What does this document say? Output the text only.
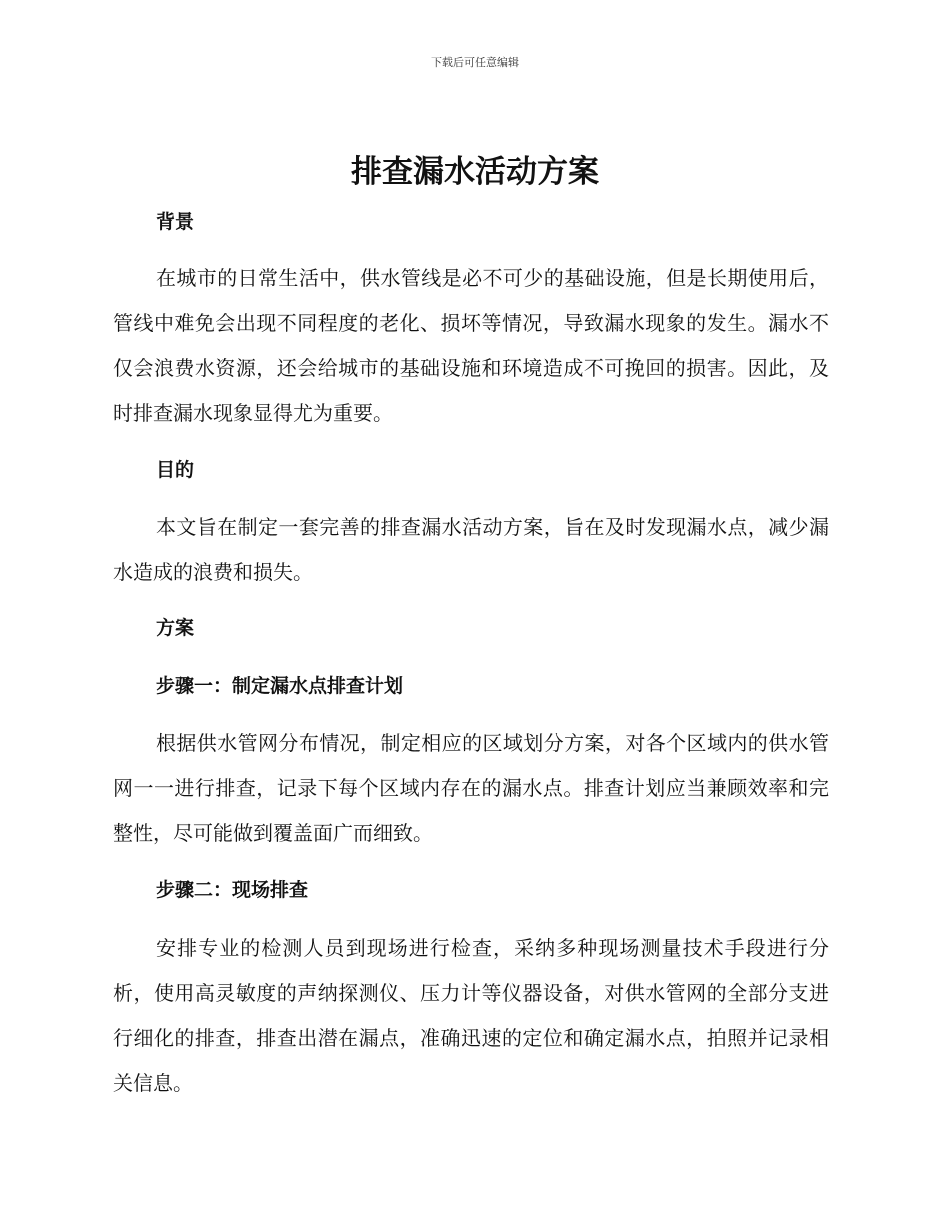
下载后可任意编辑
排查漏水活动方案

背景

在城市的日常生活中，供水管线是必不可少的基础设施，但是长期使用后，管线中难免会出现不同程度的老化、损坏等情况，导致漏水现象的发生。漏水不仅会浪费水资源，还会给城市的基础设施和环境造成不可挽回的损害。因此，及时排查漏水现象显得尤为重要。

目的

本文旨在制定一套完善的排查漏水活动方案，旨在及时发现漏水点，减少漏水造成的浪费和损失。

方案

步骤一：制定漏水点排查计划

根据供水管网分布情况，制定相应的区域划分方案，对各个区域内的供水管网一一进行排查，记录下每个区域内存在的漏水点。排查计划应当兼顾效率和完整性，尽可能做到覆盖面广而细致。

步骤二：现场排查

安排专业的检测人员到现场进行检查，采纳多种现场测量技术手段进行分析，使用高灵敏度的声纳探测仪、压力计等仪器设备，对供水管网的全部分支进行细化的排查，排查出潜在漏点，准确迅速的定位和确定漏水点，拍照并记录相关信息。
